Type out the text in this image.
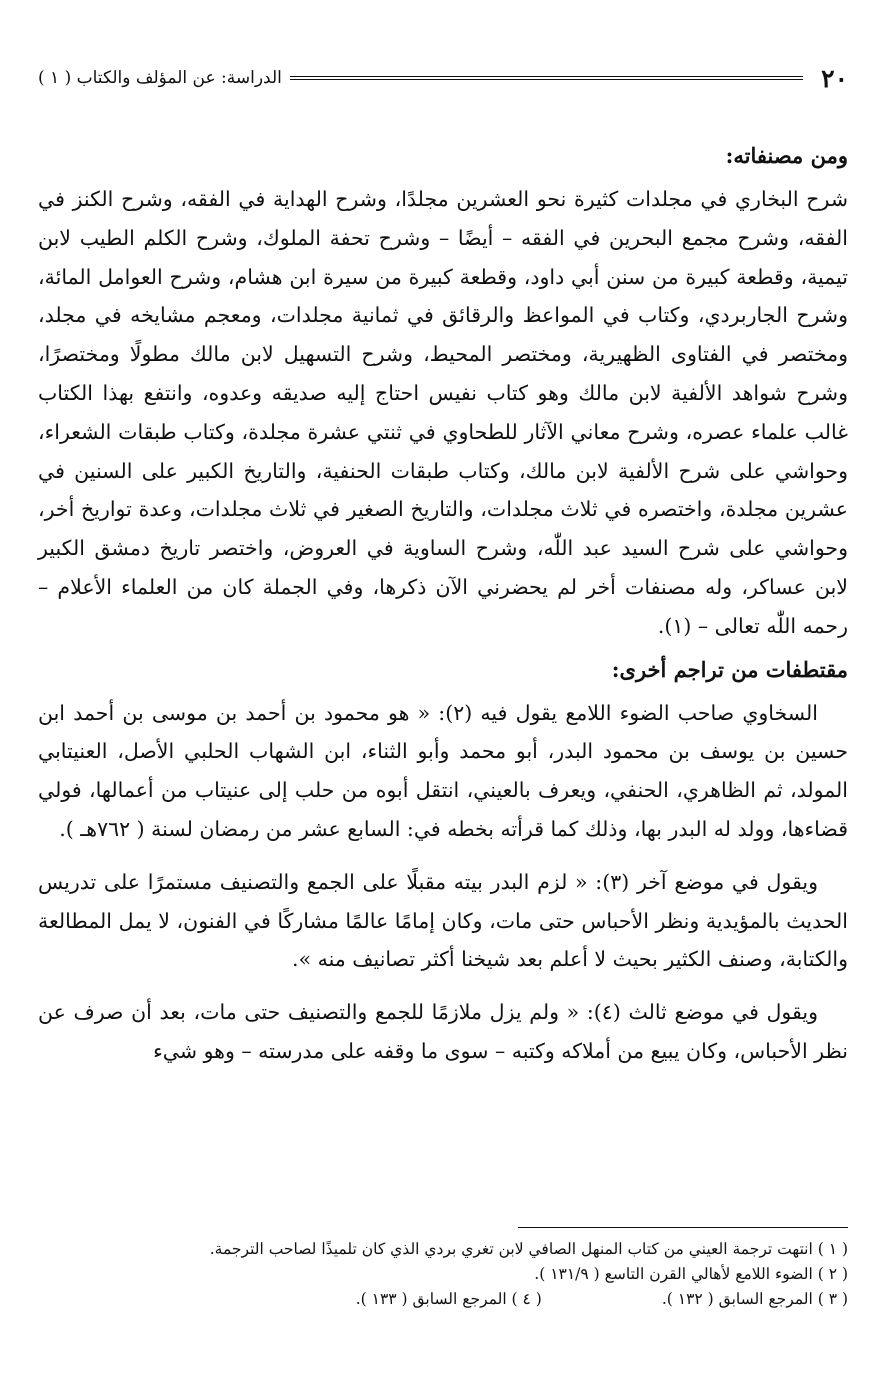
٢٠
الدراسة: عن المؤلف والكتاب ( ١ )
ومن مصنفاته:

شرح البخاري في مجلدات كثيرة نحو العشرين مجلدًا، وشرح الهداية في الفقه، وشرح الكنز في الفقه، وشرح مجمع البحرين في الفقه – أيضًا – وشرح تحفة الملوك، وشرح الكلم الطيب لابن تيمية، وقطعة كبيرة من سنن أبي داود، وقطعة كبيرة من سيرة ابن هشام، وشرح العوامل المائة، وشرح الجاربردي، وكتاب في المواعظ والرقائق في ثمانية مجلدات، ومعجم مشايخه في مجلد، ومختصر في الفتاوى الظهيرية، ومختصر المحيط، وشرح التسهيل لابن مالك مطولًا ومختصرًا، وشرح شواهد الألفية لابن مالك وهو كتاب نفيس احتاج إليه صديقه وعدوه، وانتفع بهذا الكتاب غالب علماء عصره، وشرح معاني الآثار للطحاوي في ثنتي عشرة مجلدة، وكتاب طبقات الشعراء، وحواشي على شرح الألفية لابن مالك، وكتاب طبقات الحنفية، والتاريخ الكبير على السنين في عشرين مجلدة، واختصره في ثلاث مجلدات، والتاريخ الصغير في ثلاث مجلدات، وعدة تواريخ أخر، وحواشي على شرح السيد عبد اللّٰه، وشرح الساوية في العروض، واختصر تاريخ دمشق الكبير لابن عساكر، وله مصنفات أخر لم يحضرني الآن ذكرها، وفي الجملة كان من العلماء الأعلام – رحمه اللّٰه تعالى – (١).

مقتطفات من تراجم أخرى:

السخاوي صاحب الضوء اللامع يقول فيه (٢): « هو محمود بن أحمد بن موسى بن أحمد ابن حسين بن يوسف بن محمود البدر، أبو محمد وأبو الثناء، ابن الشهاب الحلبي الأصل، العنيتابي المولد، ثم الظاهري، الحنفي، ويعرف بالعيني، انتقل أبوه من حلب إلى عنيتاب من أعمالها، فولي قضاءها، وولد له البدر بها، وذلك كما قرأته بخطه في: السابع عشر من رمضان لسنة ( ٧٦٢هـ ).

ويقول في موضع آخر (٣): « لزم البدر بيته مقبلًا على الجمع والتصنيف مستمرًا على تدريس الحديث بالمؤيدية ونظر الأحباس حتى مات، وكان إمامًا عالمًا مشاركًا في الفنون، لا يمل المطالعة والكتابة، وصنف الكثير بحيث لا أعلم بعد شيخنا أكثر تصانيف منه ».

ويقول في موضع ثالث (٤): « ولم يزل ملازمًا للجمع والتصنيف حتى مات، بعد أن صرف عن نظر الأحباس، وكان يبيع من أملاكه وكتبه – سوى ما وقفه على مدرسته – وهو شيء

( ١ ) انتهت ترجمة العيني من كتاب المنهل الصافي لابن تغري بردي الذي كان تلميذًا لصاحب الترجمة.
( ٢ ) الضوء اللامع لأهالي القرن التاسع ( ١٣١/٩ ).
( ٣ ) المرجع السابق ( ١٣٢ ).
( ٤ ) المرجع السابق ( ١٣٣ ).
